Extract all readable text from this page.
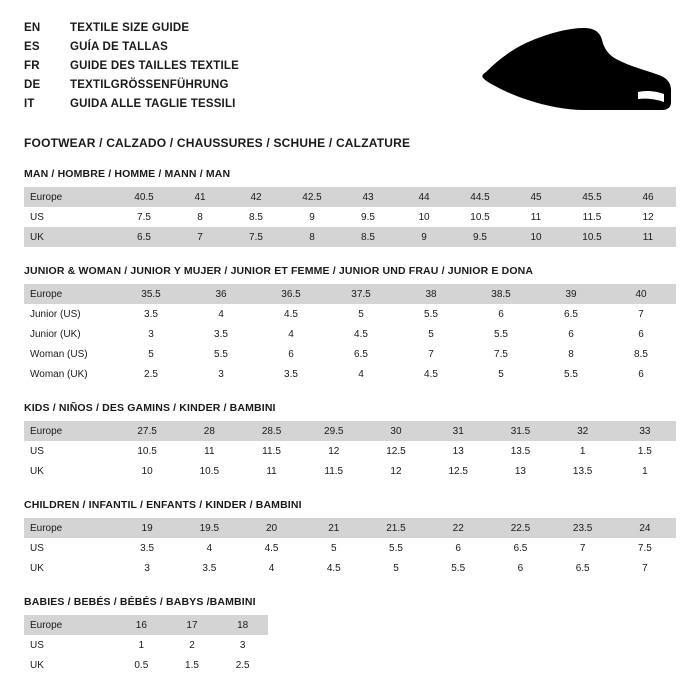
EN	TEXTILE SIZE GUIDE
ES	GUÍA DE TALLAS
FR	GUIDE DES TAILLES TEXTILE
DE	TEXTILGRÖSSENFÜHRUNG
IT	GUIDA ALLE TAGLIE TESSILI
FOOTWEAR / CALZADO / CHAUSSURES / SCHUHE / CALZATURE
MAN / HOMBRE / HOMME / MANN / MAN
Europe	40.5	41	42	42.5	43	44	44.5	45	45.5	46
US	7.5	8	8.5	9	9.5	10	10.5	11	11.5	12
UK	6.5	7	7.5	8	8.5	9	9.5	10	10.5	11
JUNIOR & WOMAN / JUNIOR Y MUJER / JUNIOR ET FEMME / JUNIOR UND FRAU / JUNIOR E DONA
Europe	35.5	36	36.5	37.5	38	38.5	39	40
Junior (US)	3.5	4	4.5	5	5.5	6	6.5	7
Junior (UK)	3	3.5	4	4.5	5	5.5	6	6
Woman (US)	5	5.5	6	6.5	7	7.5	8	8.5
Woman (UK)	2.5	3	3.5	4	4.5	5	5.5	6
KIDS / NIÑOS / DES GAMINS / KINDER / BAMBINI
Europe	27.5	28	28.5	29.5	30	31	31.5	32	33
US	10.5	11	11.5	12	12.5	13	13.5	1	1.5
UK	10	10.5	11	11.5	12	12.5	13	13.5	1
CHILDREN / INFANTIL / ENFANTS / KINDER / BAMBINI
Europe	19	19.5	20	21	21.5	22	22.5	23.5	24
US	3.5	4	4.5	5	5.5	6	6.5	7	7.5
UK	3	3.5	4	4.5	5	5.5	6	6.5	7
BABIES / BEBÉS / BÉBÉS / BABYS /BAMBINI
Europe	16	17	18
US	1	2	3
UK	0.5	1.5	2.5
